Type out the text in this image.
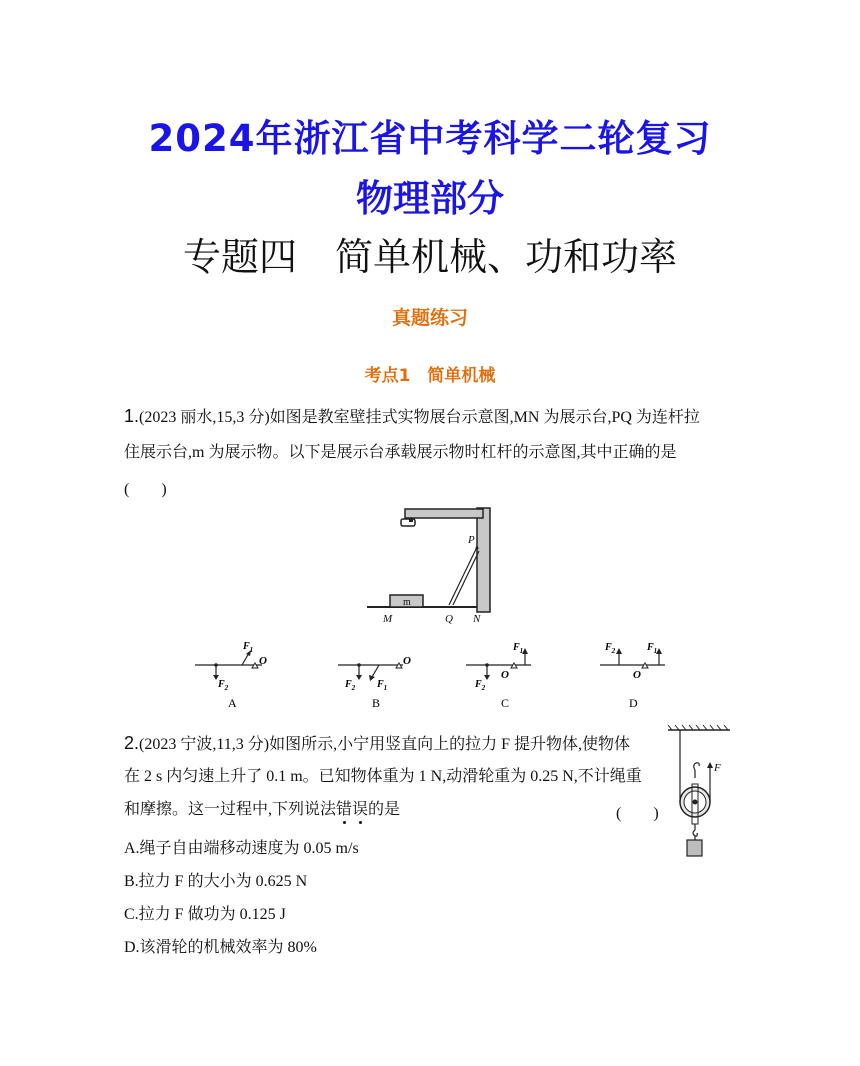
2024年浙江省中考科学二轮复习
物理部分
专题四　简单机械、功和功率
真题练习
考点1　简单机械
1.(2023 丽水,15,3 分)如图是教室壁挂式实物展台示意图,MN 为展示台,PQ 为连杆拉
住展示台,m 为展示物。以下是展示台承载展示物时杠杆的示意图,其中正确的是
(　　)
m
M	Q N
P
$F_1$
$F_2$
O
A
$F_2$ $F_1$
O
B
$F_1$
$F_2$
O
C
$F_2$	$F_1$
O
D
2.(2023 宁波,11,3 分)如图所示,小宁用竖直向上的拉力 F 提升物体,使物体
在 2 s 内匀速上升了 0.1 m。已知物体重为 1 N,动滑轮重为 0.25 N,不计绳重
和摩擦。这一过程中,下列说法错误的是	(　　)
F
A.绳子自由端移动速度为 0.05 m/s
B.拉力 F 的大小为 0.625 N
C.拉力 F 做功为 0.125 J
D.该滑轮的机械效率为 80%
